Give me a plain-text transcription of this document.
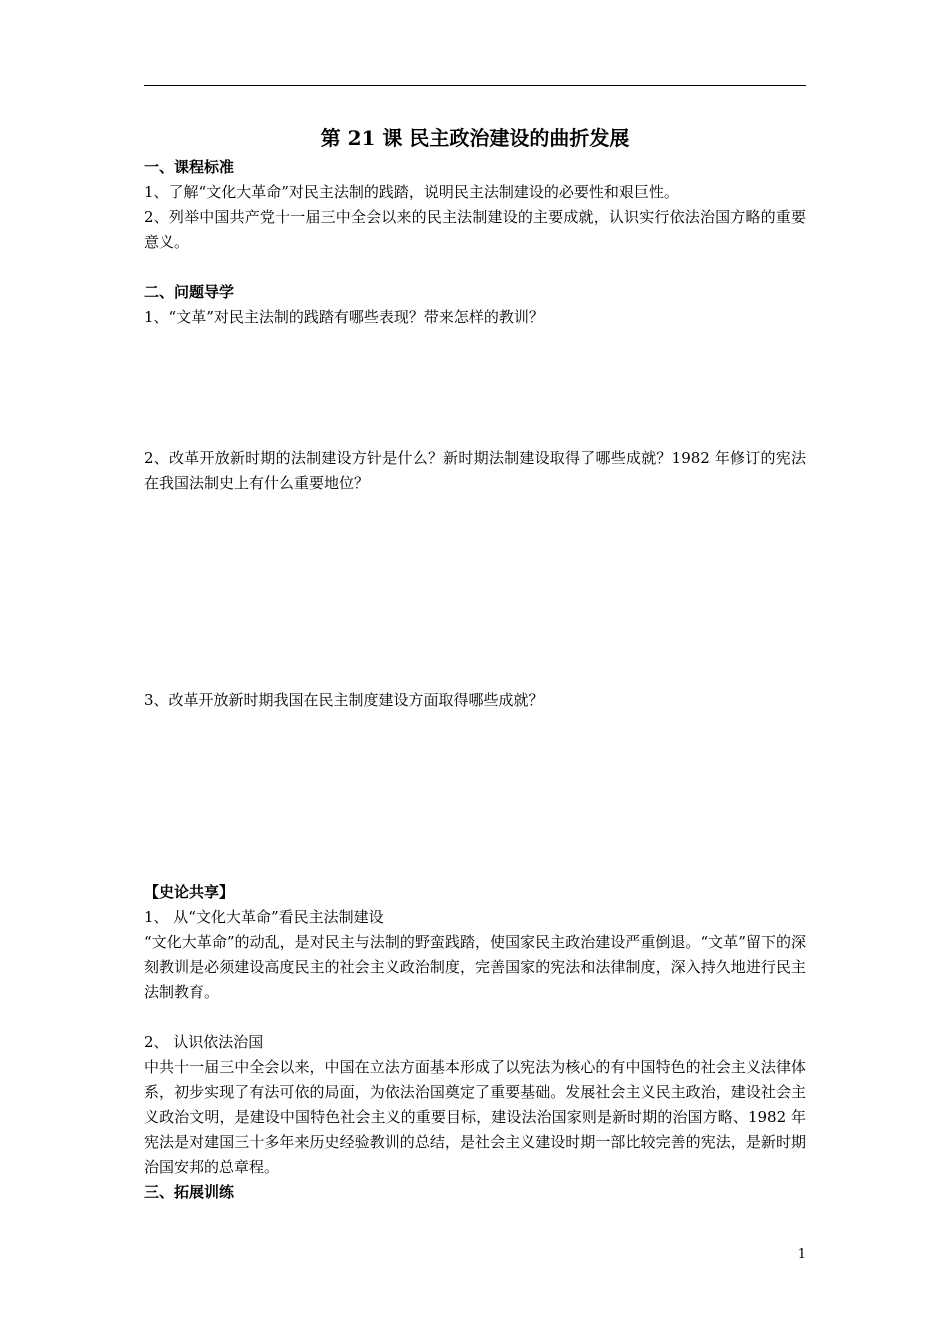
第 21 课 民主政治建设的曲折发展
一、课程标准

1、了解“文化大革命”对民主法制的践踏，说明民主法制建设的必要性和艰巨性。

2、列举中国共产党十一届三中全会以来的民主法制建设的主要成就，认识实行依法治国方略的重要意义。

二、问题导学

1、“文革”对民主法制的践踏有哪些表现？带来怎样的教训？

2、改革开放新时期的法制建设方针是什么？新时期法制建设取得了哪些成就？1982 年修订的宪法在我国法制史上有什么重要地位？

3、改革开放新时期我国在民主制度建设方面取得哪些成就？

【史论共享】

1、 从“文化大革命”看民主法制建设

“文化大革命”的动乱，是对民主与法制的野蛮践踏，使国家民主政治建设严重倒退。“文革”留下的深刻教训是必须建设高度民主的社会主义政治制度，完善国家的宪法和法律制度，深入持久地进行民主法制教育。

2、 认识依法治国

中共十一届三中全会以来，中国在立法方面基本形成了以宪法为核心的有中国特色的社会主义法律体系，初步实现了有法可依的局面，为依法治国奠定了重要基础。发展社会主义民主政治，建设社会主义政治文明，是建设中国特色社会主义的重要目标，建设法治国家则是新时期的治国方略、1982 年宪法是对建国三十多年来历史经验教训的总结，是社会主义建设时期一部比较完善的宪法，是新时期治国安邦的总章程。

三、拓展训练
1
